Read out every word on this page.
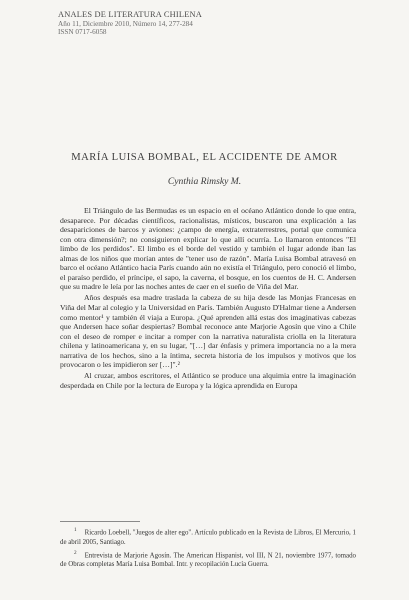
ANALES DE LITERATURA CHILENA
Año 11, Diciembre 2010, Número 14, 277-284
ISSN 0717-6058
MARÍA LUISA BOMBAL, EL ACCIDENTE DE AMOR
Cynthia Rimsky M.

El Triángulo de las Bermudas es un espacio en el océano Atlántico donde lo que entra, desaparece. Por décadas científicos, racionalistas, místicos, buscaron una explicación a las desapariciones de barcos y aviones: ¿campo de energía, extraterrestres, portal que comunica con otra dimensión?; no consiguieron explicar lo que allí ocurría. Lo llamaron entonces "El limbo de los perdidos". El limbo es el borde del vestido y también el lugar adonde iban las almas de los niños que morían antes de "tener uso de razón". María Luisa Bombal atravesó en barco el océano Atlántico hacia París cuando aún no existía el Triángulo, pero conoció el limbo, el paraíso perdido, el príncipe, el sapo, la caverna, el bosque, en los cuentos de H. C. Andersen que su madre le leía por las noches antes de caer en el sueño de Viña del Mar.

Años después esa madre traslada la cabeza de su hija desde las Monjas Francesas en Viña del Mar al colegio y la Universidad en París. También Augusto D'Halmar tiene a Andersen como mentor¹ y también él viaja a Europa. ¿Qué aprenden allá estas dos imaginativas cabezas que Andersen hace soñar despiertas? Bombal reconoce ante Marjorie Agosín que vino a Chile con el deseo de romper e incitar a romper con la narrativa naturalista criolla en la literatura chilena y latinoamericana y, en su lugar, "[…] dar énfasis y primera importancia no a la mera narrativa de los hechos, sino a la íntima, secreta historia de los impulsos y motivos que los provocaron o les impidieron ser […]".²

Al cruzar, ambos escritores, el Atlántico se produce una alquimia entre la imaginación desperdada en Chile por la lectura de Europa y la lógica aprendida en Europa

$^1$ Ricardo Loebell, "Juegos de alter ego". Artículo publicado en la Revista de Libros, El Mercurio, 1 de abril 2005, Santiago.

$^2$ Entrevista de Marjorie Agosín. The American Hispanist, vol III, N 21, noviembre 1977, tomado de Obras completas María Luisa Bombal. Intr. y recopilación Lucía Guerra.
